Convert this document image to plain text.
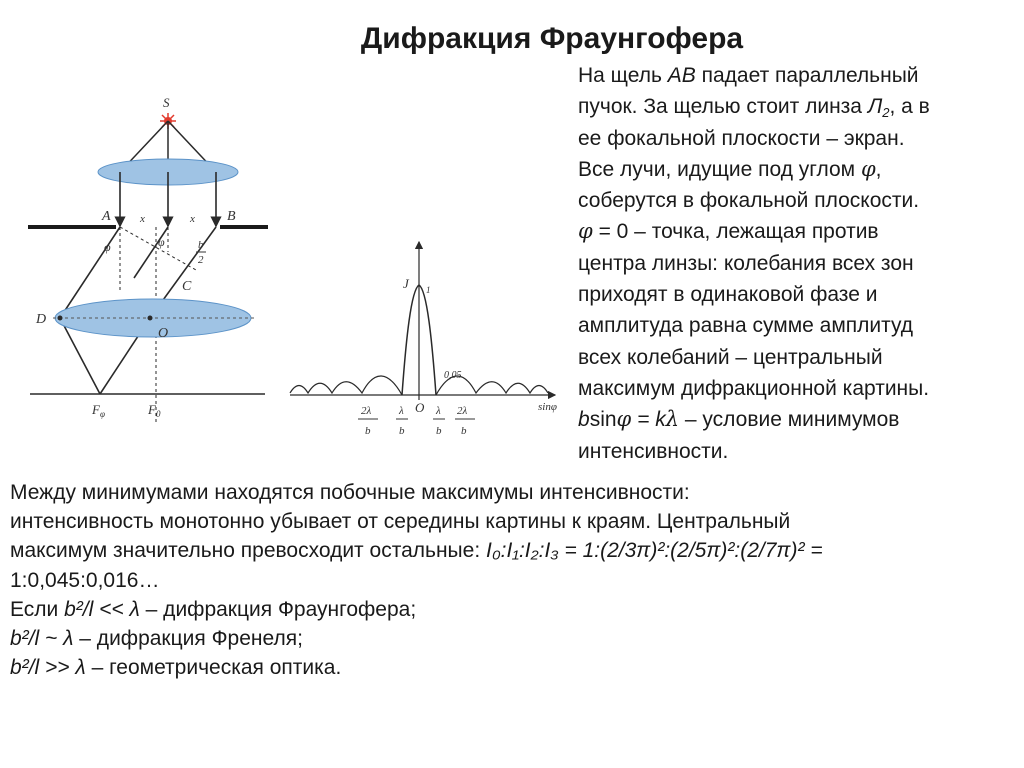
Дифракция Фраунгофера
S
A	B
x	x
φ	φ	b
2
C
D
O
$F_\varphi$	$F_0$
J 1
0,05
sinφ
O
2λ
b
λ
b
λ
b
2λ
b
На щель AB падает параллельный
пучок. За щелью стоит линза $Л_2$, а в
ее фокальной плоскости – экран.
Все лучи, идущие под углом φ,
соберутся в фокальной плоскости.
φ = 0 – точка, лежащая против
центра линзы: колебания всех зон
приходят в одинаковой фазе и
амплитуда равна сумме амплитуд
всех колебаний – центральный
максимум дифракционной картины.
bsinφ = kλ – условие минимумов
интенсивности.
Между минимумами находятся побочные максимумы интенсивности:
интенсивность монотонно убывает от середины картины к краям. Центральный
максимум значительно превосходит остальные: I₀:I₁:I₂:I₃ = 1:(2/3π)²:(2/5π)²:(2/7π)² =
1:0,045:0,016…
Если b²/l << λ – дифракция Фраунгофера;
b²/l ~ λ – дифракция Френеля;
b²/l >> λ – геометрическая оптика.
